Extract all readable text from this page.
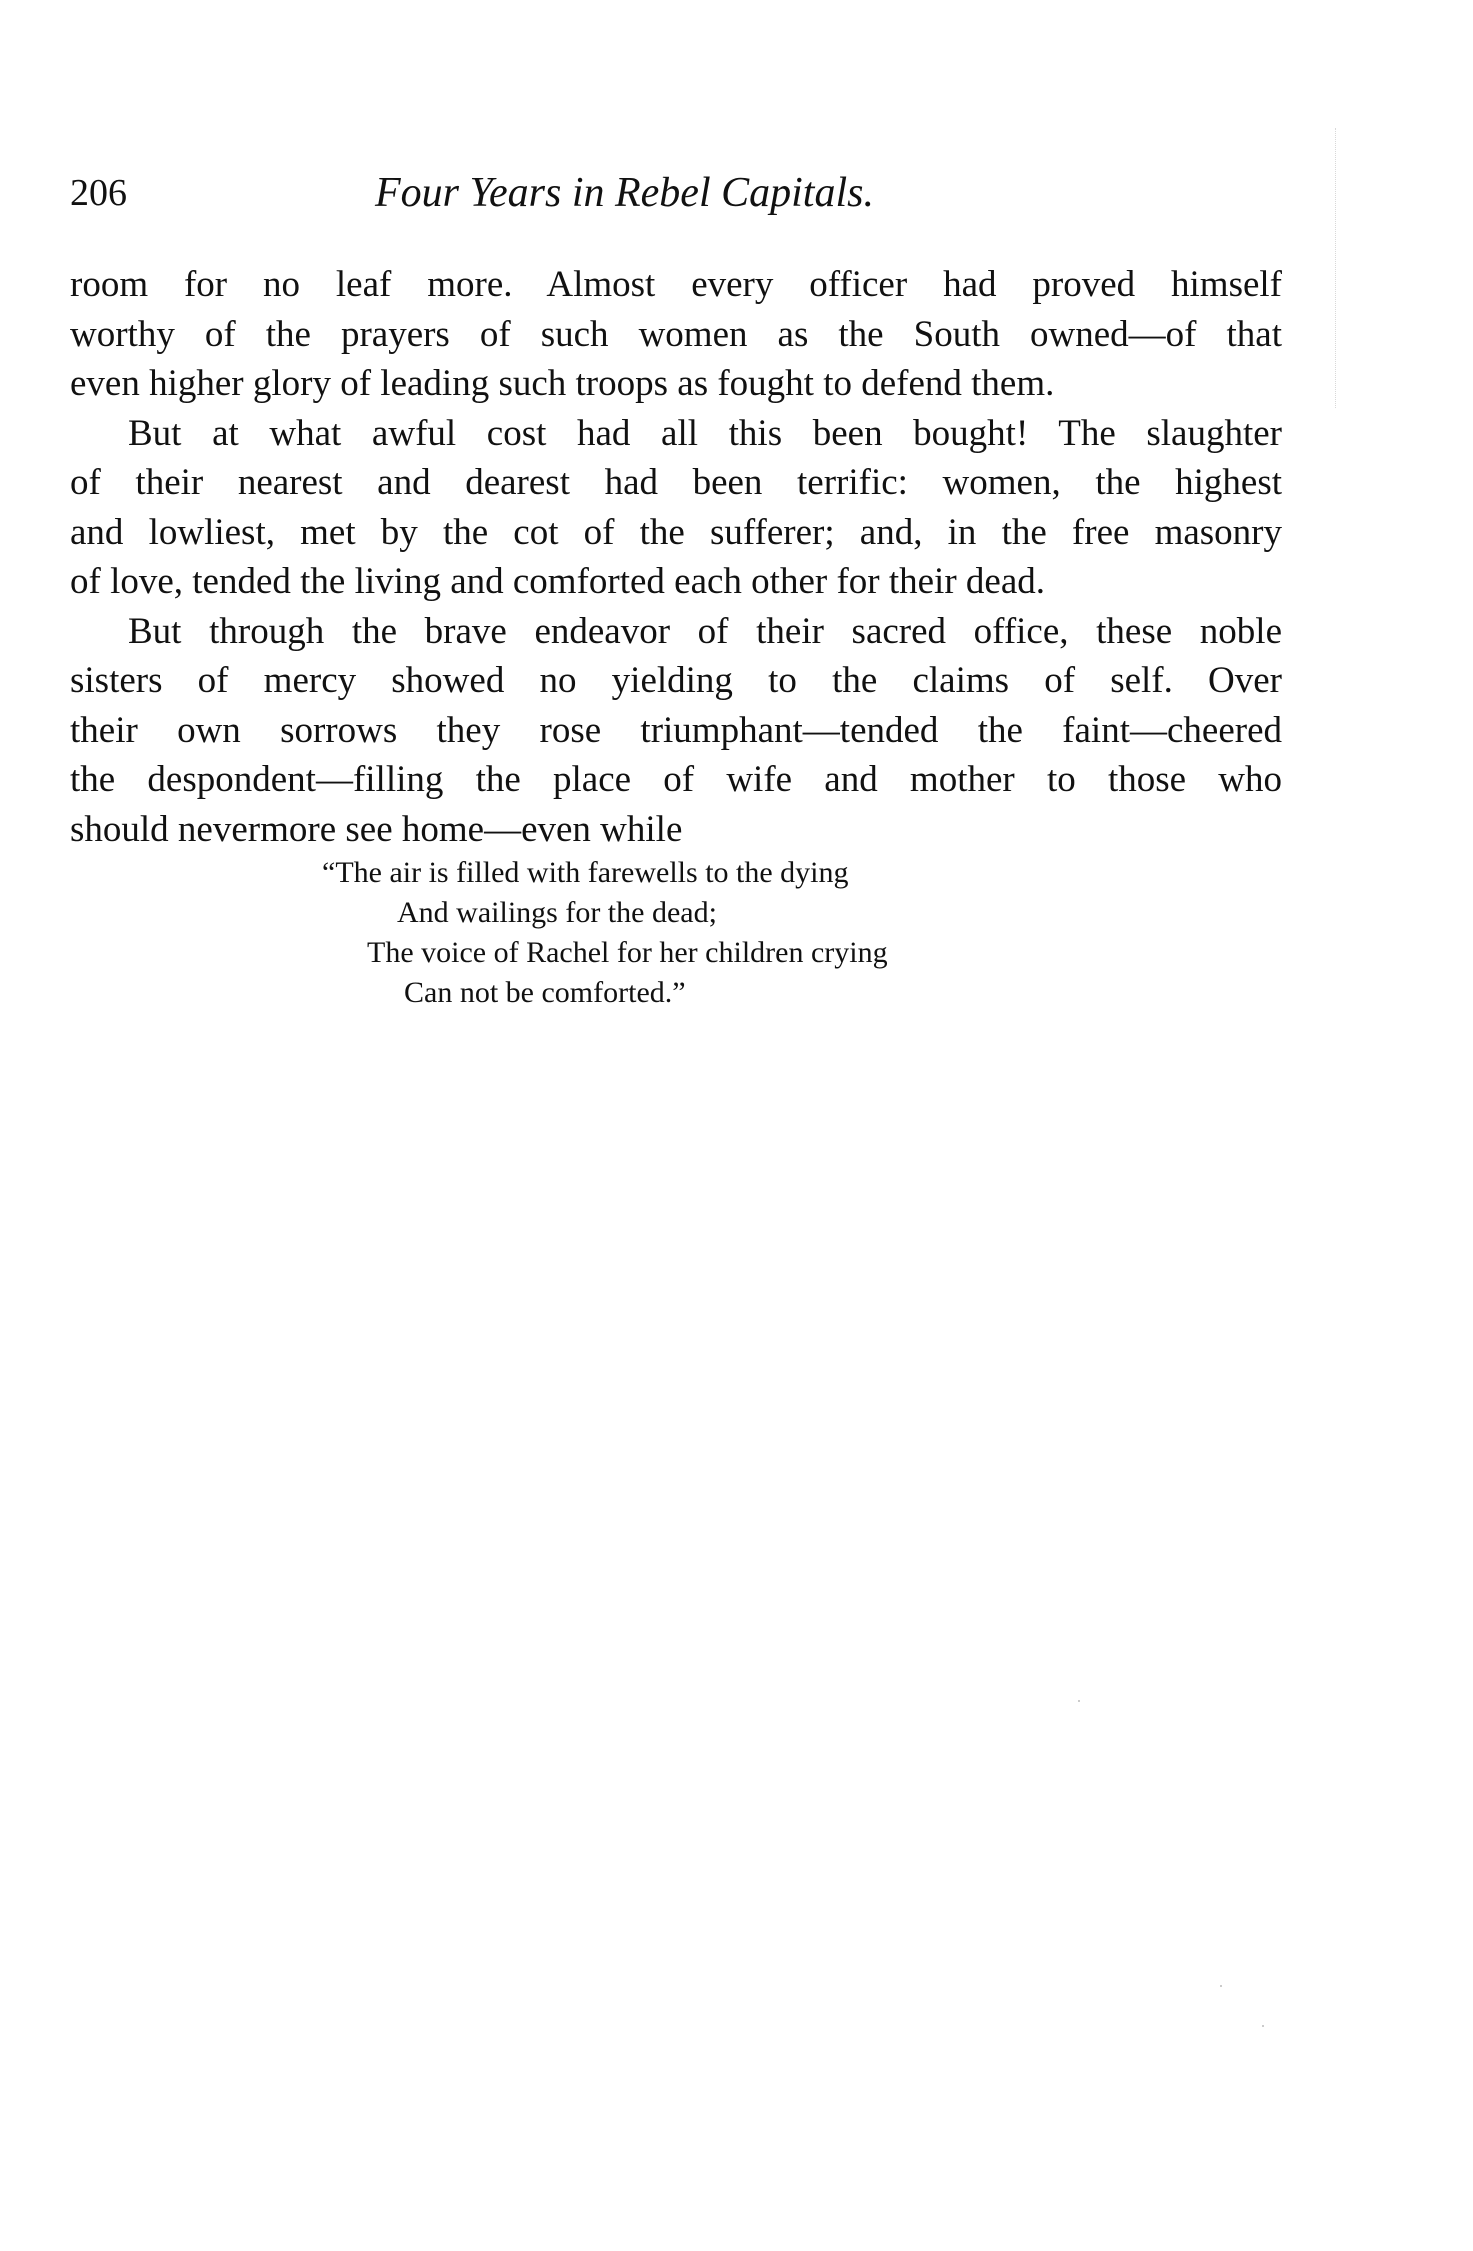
206	Four Years in Rebel Capitals.
room for no leaf more. Almost every officer had proved himself
worthy of the prayers of such women as the South owned—of that
even higher glory of leading such troops as fought to defend them.
But at what awful cost had all this been bought! The slaughter
of their nearest and dearest had been terrific: women, the highest
and lowliest, met by the cot of the sufferer; and, in the free masonry
of love, tended the living and comforted each other for their dead.
But through the brave endeavor of their sacred office, these noble
sisters of mercy showed no yielding to the claims of self. Over
their own sorrows they rose triumphant—tended the faint—cheered
the despondent—filling the place of wife and mother to those who
should nevermore see home—even while
“The air is filled with farewells to the dying
And wailings for the dead;
The voice of Rachel for her children crying
Can not be comforted.”
